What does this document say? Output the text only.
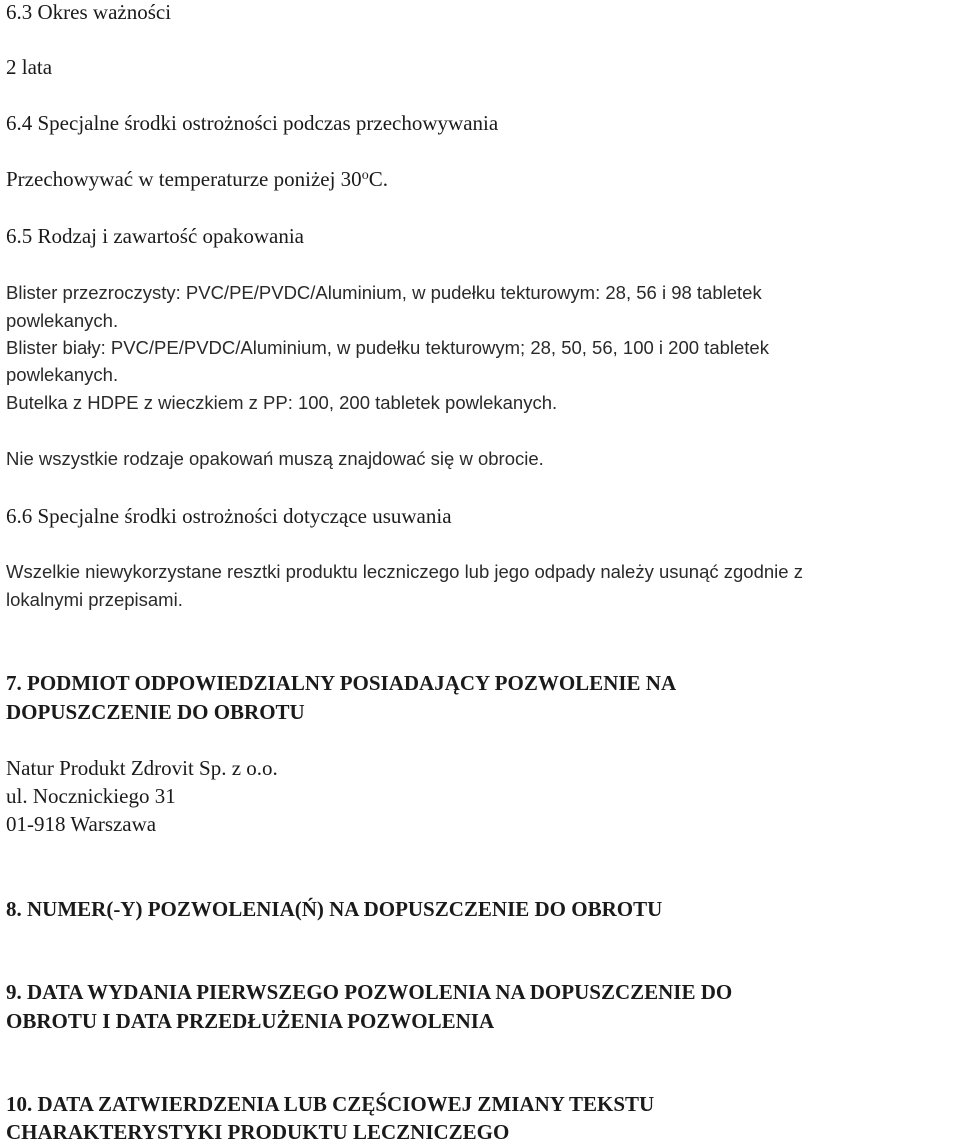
6.3 Okres ważności
2 lata
6.4 Specjalne środki ostrożności podczas przechowywania
Przechowywać w temperaturze poniżej 30$^o$C.
6.5 Rodzaj i zawartość opakowania
Blister przezroczysty: PVC/PE/PVDC/Aluminium, w pudełku tekturowym: 28, 56 i 98 tabletek
powlekanych.
Blister biały: PVC/PE/PVDC/Aluminium, w pudełku tekturowym; 28, 50, 56, 100 i 200 tabletek
powlekanych.
Butelka z HDPE z wieczkiem z PP: 100, 200 tabletek powlekanych.
Nie wszystkie rodzaje opakowań muszą znajdować się w obrocie.
6.6 Specjalne środki ostrożności dotyczące usuwania
Wszelkie niewykorzystane resztki produktu leczniczego lub jego odpady należy usunąć zgodnie z
lokalnymi przepisami.
7. PODMIOT ODPOWIEDZIALNY POSIADAJĄCY POZWOLENIE NA
DOPUSZCZENIE DO OBROTU
Natur Produkt Zdrovit Sp. z o.o.
ul. Nocznickiego 31
01-918 Warszawa
8. NUMER(-Y) POZWOLENIA(Ń) NA DOPUSZCZENIE DO OBROTU
9. DATA WYDANIA PIERWSZEGO POZWOLENIA NA DOPUSZCZENIE DO
OBROTU I DATA PRZEDŁUŻENIA POZWOLENIA
10. DATA ZATWIERDZENIA LUB CZĘŚCIOWEJ ZMIANY TEKSTU
CHARAKTERYSTYKI PRODUKTU LECZNICZEGO
